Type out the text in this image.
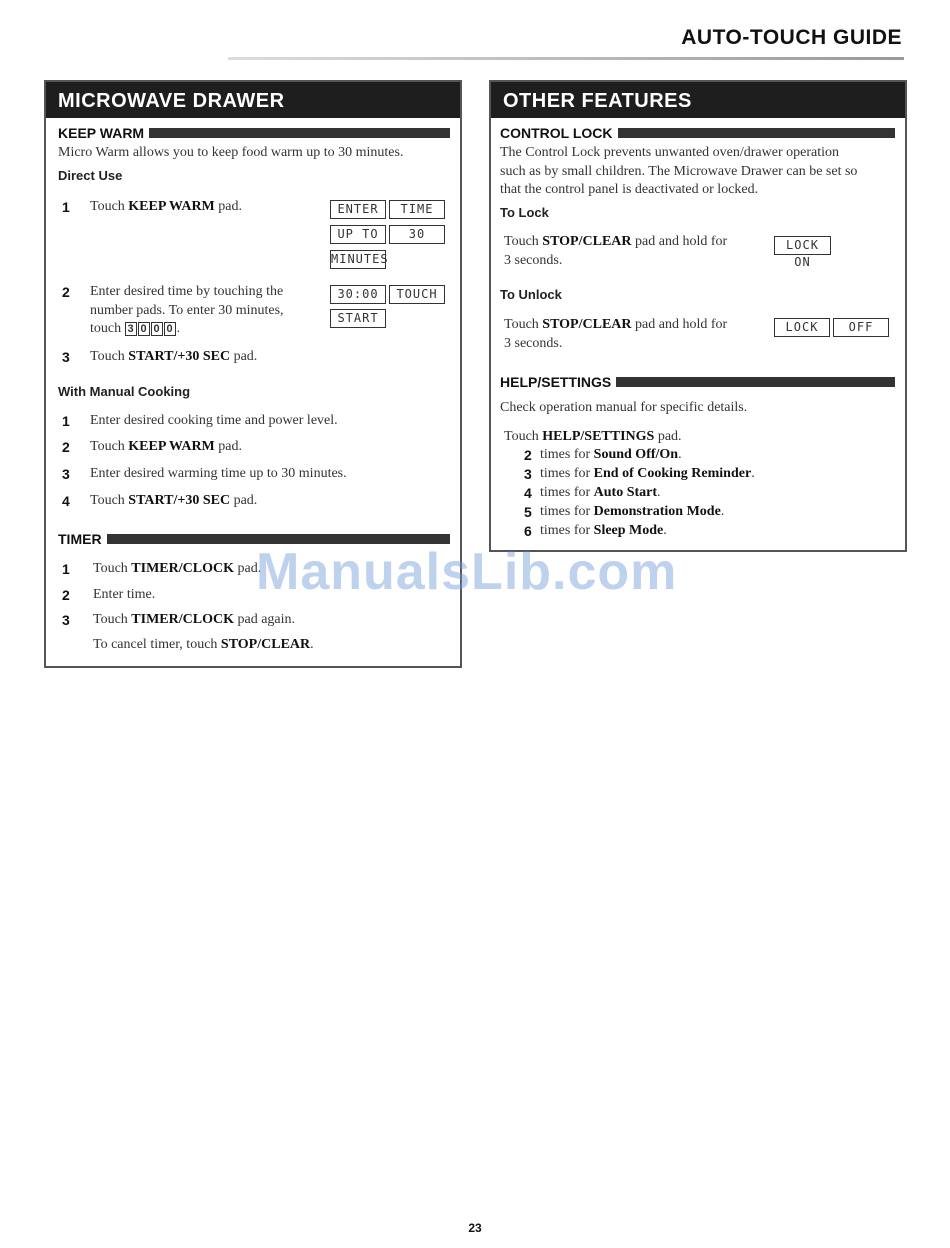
AUTO-TOUCH GUIDE
MICROWAVE DRAWER
KEEP WARM
Micro Warm allows you to keep food warm up to 30 minutes.
Direct Use
1 Touch KEEP WARM pad.	ENTER	TIME
UP TO	30
MINUTES
2 Enter desired time by touching the
number pads. To enter 30 minutes,
touch 3 0 0 0 .
30:00	TOUCH
START
3 Touch START/+30 SEC pad.
With Manual Cooking
1 Enter desired cooking time and power level.
2 Touch KEEP WARM pad.
3 Enter desired warming time up to 30 minutes.
4 Touch START/+30 SEC pad.
TIMER
1 Touch TIMER/CLOCK pad.
2 Enter time.
3 Touch TIMER/CLOCK pad again.
To cancel timer, touch STOP/CLEAR.
OTHER FEATURES
CONTROL LOCK
The Control Lock prevents unwanted oven/drawer operation
such as by small children. The Microwave Drawer can be set so
that the control panel is deactivated or locked.
To Lock
Touch STOP/CLEAR pad and hold for
3 seconds.
LOCK ON
To Unlock
Touch STOP/CLEAR pad and hold for
3 seconds.
LOCK	OFF
HELP/SETTINGS
Check operation manual for specific details.
Touch HELP/SETTINGS pad.
2 times for Sound Off/On.
3 times for End of Cooking Reminder.
4 times for Auto Start.
5 times for Demonstration Mode.
6 times for Sleep Mode.
ManualsLib.com
23
